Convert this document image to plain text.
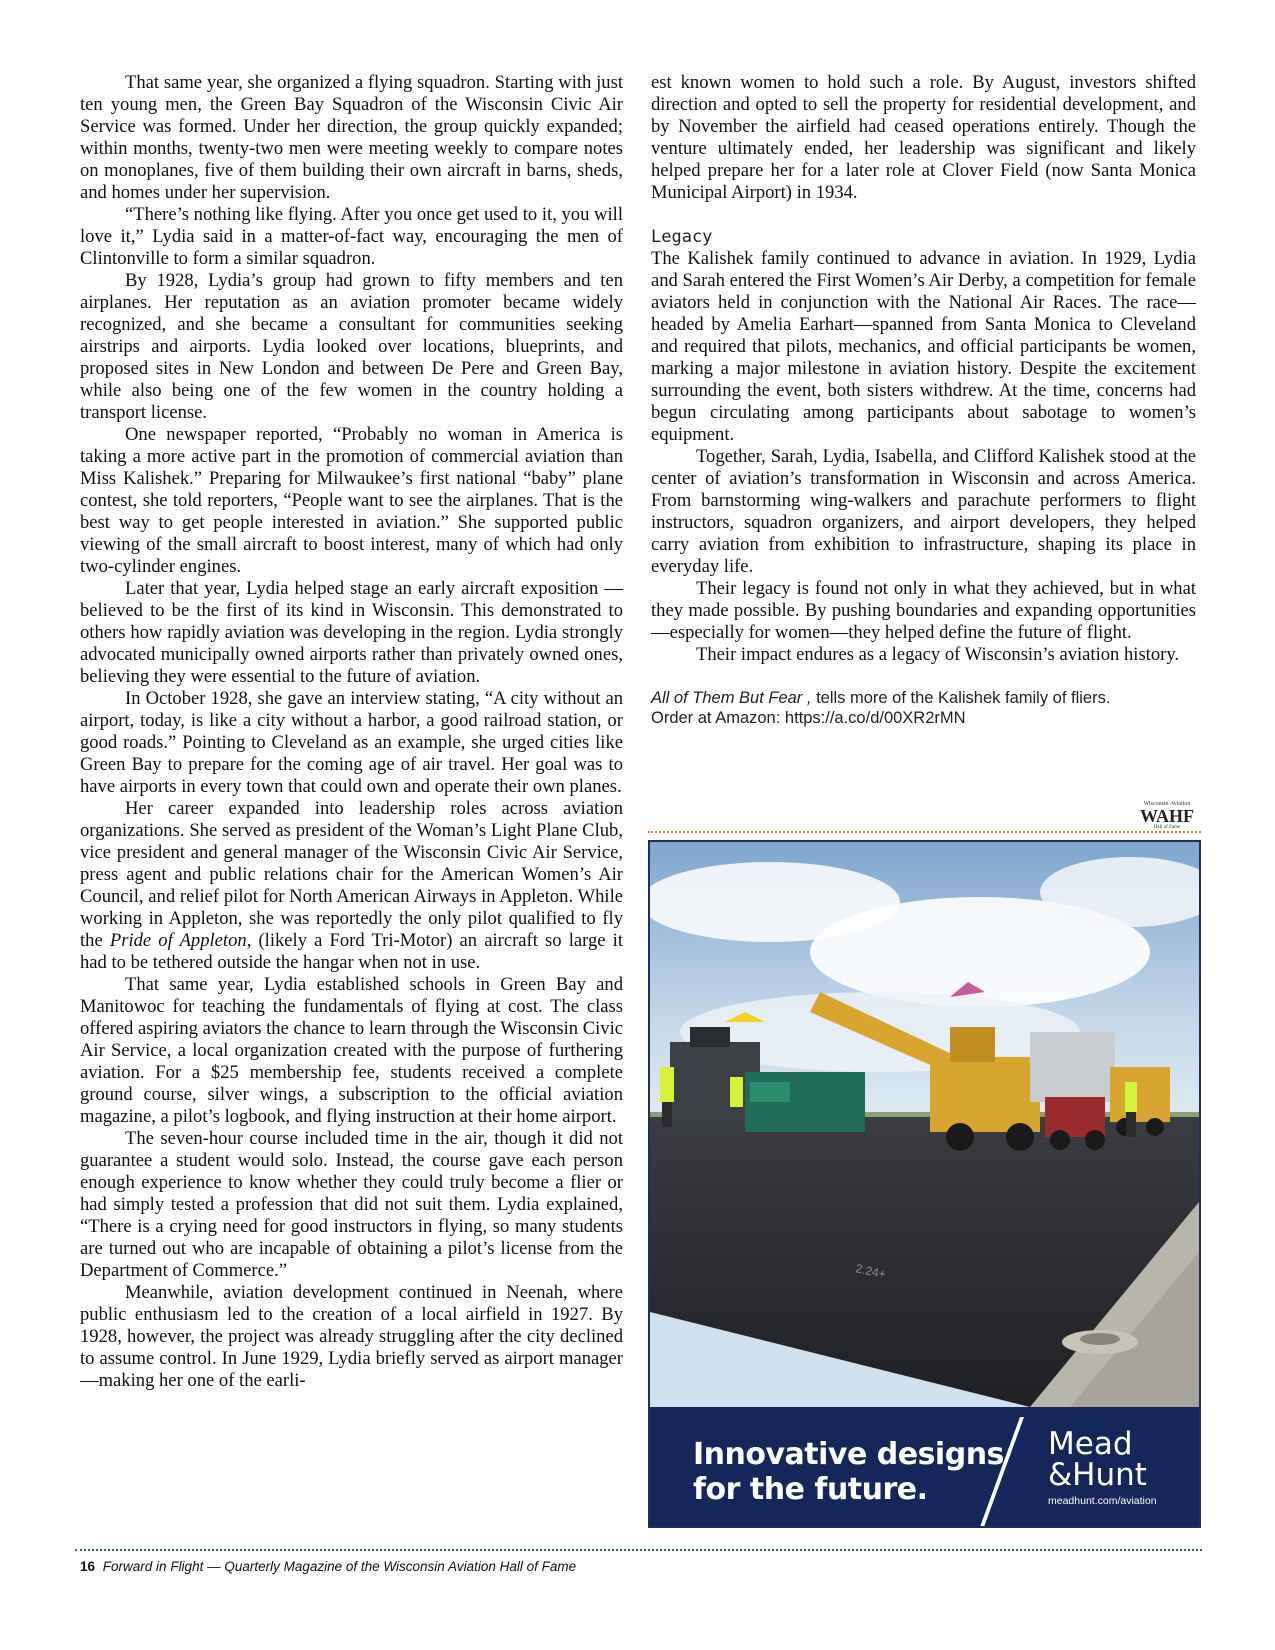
That same year, she organized a flying squadron. Starting with just ten young men, the Green Bay Squadron of the Wisconsin Civic Air Service was formed. Under her direction, the group quickly expanded; within months, twenty-two men were meeting weekly to compare notes on monoplanes, five of them building their own aircraft in barns, sheds, and homes under her supervision.

“There’s nothing like flying. After you once get used to it, you will love it,” Lydia said in a matter-of-fact way, encouraging the men of Clintonville to form a similar squadron.

By 1928, Lydia’s group had grown to fifty members and ten airplanes. Her reputation as an aviation promoter became widely recognized, and she became a consultant for communities seeking airstrips and airports. Lydia looked over locations, blueprints, and proposed sites in New London and between De Pere and Green Bay, while also being one of the few women in the country holding a transport license.

One newspaper reported, “Probably no woman in America is taking a more active part in the promotion of commercial aviation than Miss Kalishek.” Preparing for Milwaukee’s first national “baby” plane contest, she told reporters, “People want to see the airplanes. That is the best way to get people interested in aviation.” She supported public viewing of the small aircraft to boost interest, many of which had only two-cylinder engines.

Later that year, Lydia helped stage an early aircraft exposition — believed to be the first of its kind in Wisconsin. This demonstrated to others how rapidly aviation was developing in the region. Lydia strongly advocated municipally owned airports rather than privately owned ones, believing they were essential to the future of aviation.

In October 1928, she gave an interview stating, “A city without an airport, today, is like a city without a harbor, a good railroad station, or good roads.” Pointing to Cleveland as an example, she urged cities like Green Bay to prepare for the coming age of air travel. Her goal was to have airports in every town that could own and operate their own planes.

Her career expanded into leadership roles across aviation organizations. She served as president of the Woman’s Light Plane Club, vice president and general manager of the Wisconsin Civic Air Service, press agent and public relations chair for the American Women’s Air Council, and relief pilot for North American Airways in Appleton. While working in Appleton, she was reportedly the only pilot qualified to fly the Pride of Appleton, (likely a Ford Tri-Motor) an aircraft so large it had to be tethered outside the hangar when not in use.

That same year, Lydia established schools in Green Bay and Manitowoc for teaching the fundamentals of flying at cost. The class offered aspiring aviators the chance to learn through the Wisconsin Civic Air Service, a local organization created with the purpose of furthering aviation. For a $25 membership fee, students received a complete ground course, silver wings, a subscription to the official aviation magazine, a pilot’s logbook, and flying instruction at their home airport.

The seven-hour course included time in the air, though it did not guarantee a student would solo. Instead, the course gave each person enough experience to know whether they could truly become a flier or had simply tested a profession that did not suit them. Lydia explained, “There is a crying need for good instructors in flying, so many students are turned out who are incapable of obtaining a pilot’s license from the Department of Commerce.”

Meanwhile, aviation development continued in Neenah, where public enthusiasm led to the creation of a local airfield in 1927. By 1928, however, the project was already struggling after the city declined to assume control. In June 1929, Lydia briefly served as airport manager—making her one of the earli-

est known women to hold such a role. By August, investors shifted direction and opted to sell the property for residential development, and by November the airfield had ceased operations entirely. Though the venture ultimately ended, her leadership was significant and likely helped prepare her for a later role at Clover Field (now Santa Monica Municipal Airport) in 1934.

Legacy

The Kalishek family continued to advance in aviation. In 1929, Lydia and Sarah entered the First Women’s Air Derby, a competition for female aviators held in conjunction with the National Air Races. The race—headed by Amelia Earhart—spanned from Santa Monica to Cleveland and required that pilots, mechanics, and official participants be women, marking a major milestone in aviation history. Despite the excitement surrounding the event, both sisters withdrew. At the time, concerns had begun circulating among participants about sabotage to women’s equipment.

Together, Sarah, Lydia, Isabella, and Clifford Kalishek stood at the center of aviation’s transformation in Wisconsin and across America. From barnstorming wing-walkers and parachute performers to flight instructors, squadron organizers, and airport developers, they helped carry aviation from exhibition to infrastructure, shaping its place in everyday life.

Their legacy is found not only in what they achieved, but in what they made possible. By pushing boundaries and expanding opportunities—especially for women—they helped define the future of flight.

Their impact endures as a legacy of Wisconsin’s aviation history.

All of Them But Fear , tells more of the Kalishek family of fliers.
Order at Amazon: https://a.co/d/00XR2rMN
Wisconsin Aviation
WAHF
Hall of Fame
2.24+
Innovative designs
for the future.
Mead
&Hunt
meadhunt.com/aviation
16 Forward in Flight — Quarterly Magazine of the Wisconsin Aviation Hall of Fame
